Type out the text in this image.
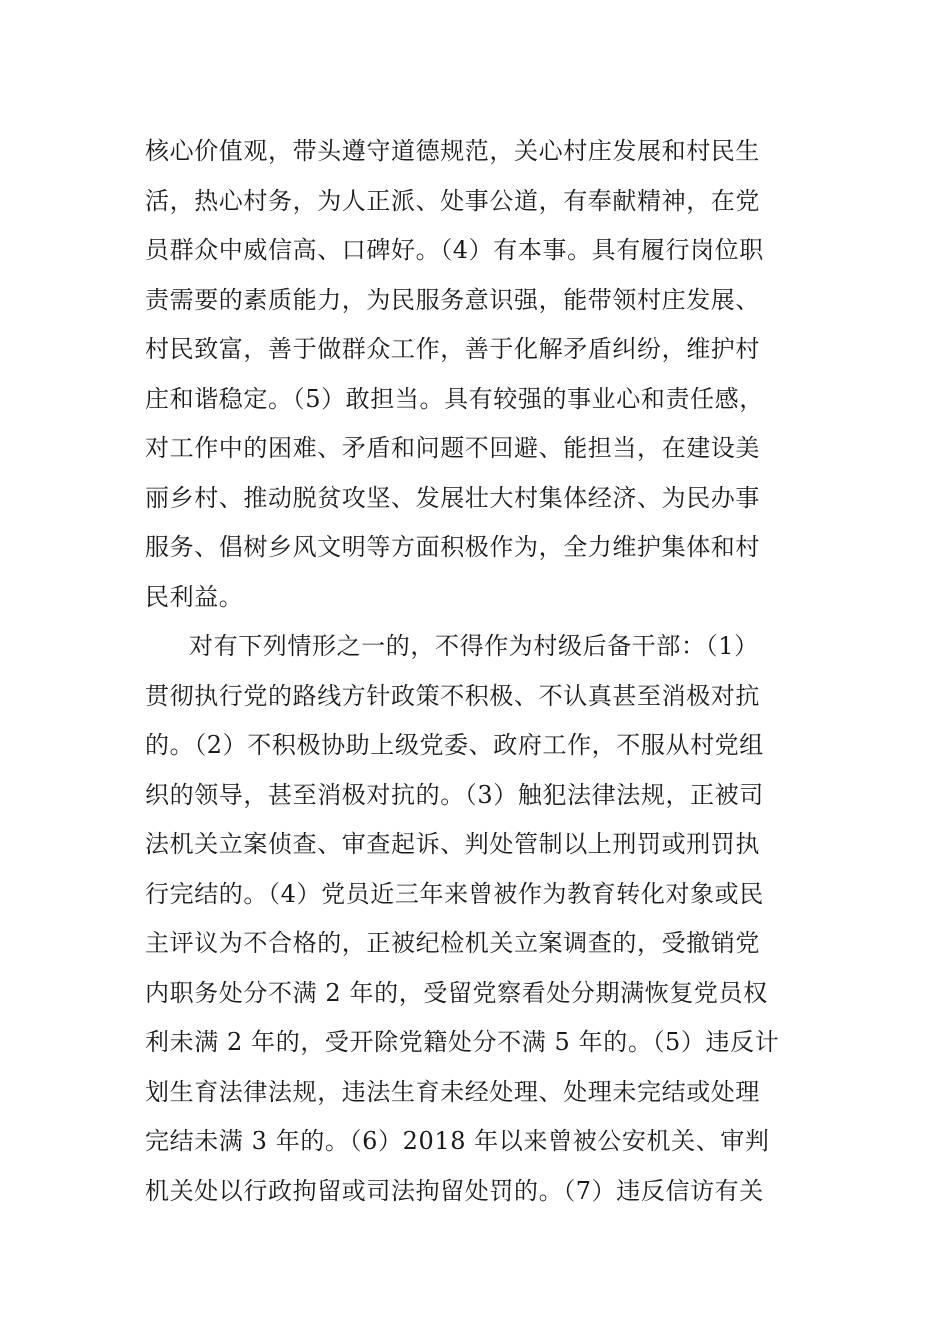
核心价值观，带头遵守道德规范，关心村庄发展和村民生
活，热心村务，为人正派、处事公道，有奉献精神，在党
员群众中威信高、口碑好。（4）有本事。具有履行岗位职
责需要的素质能力，为民服务意识强，能带领村庄发展、
村民致富，善于做群众工作，善于化解矛盾纠纷，维护村
庄和谐稳定。（5）敢担当。具有较强的事业心和责任感，
对工作中的困难、矛盾和问题不回避、能担当，在建设美
丽乡村、推动脱贫攻坚、发展壮大村集体经济、为民办事
服务、倡树乡风文明等方面积极作为，全力维护集体和村
民利益。
对有下列情形之一的，不得作为村级后备干部：（1）
贯彻执行党的路线方针政策不积极、不认真甚至消极对抗
的。（2）不积极协助上级党委、政府工作，不服从村党组
织的领导，甚至消极对抗的。（3）触犯法律法规，正被司
法机关立案侦查、审查起诉、判处管制以上刑罚或刑罚执
行完结的。（4）党员近三年来曾被作为教育转化对象或民
主评议为不合格的，正被纪检机关立案调查的，受撤销党
内职务处分不满 2 年的，受留党察看处分期满恢复党员权
利未满 2 年的，受开除党籍处分不满 5 年的。（5）违反计
划生育法律法规，违法生育未经处理、处理未完结或处理
完结未满 3 年的。（6）2018 年以来曾被公安机关、审判
机关处以行政拘留或司法拘留处罚的。（7）违反信访有关
